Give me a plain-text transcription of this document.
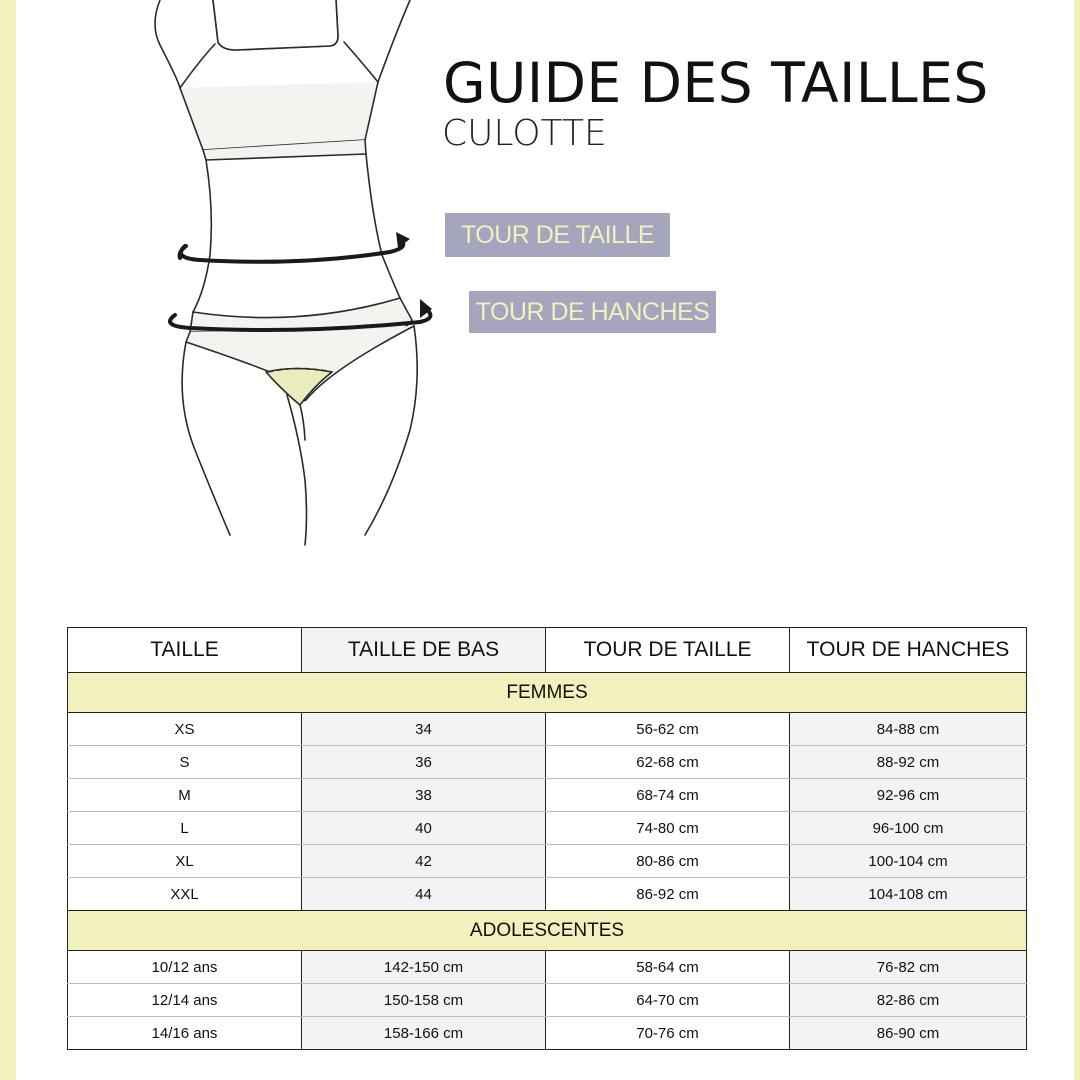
GUIDE DES TAILLES
CULOTTE
TOUR DE TAILLE
TOUR DE HANCHES
TAILLE	TAILLE DE BAS	TOUR DE TAILLE	TOUR DE HANCHES
FEMMES			
XS	34	56-62 cm	84-88 cm
S	36	62-68 cm	88-92 cm
M	38	68-74 cm	92-96 cm
L	40	74-80 cm	96-100 cm
XL	42	80-86 cm	100-104 cm
XXL	44	86-92 cm	104-108 cm
ADOLESCENTES			
10/12 ans	142-150 cm	58-64 cm	76-82 cm
12/14 ans	150-158 cm	64-70 cm	82-86 cm
14/16 ans	158-166 cm	70-76 cm	86-90 cm
